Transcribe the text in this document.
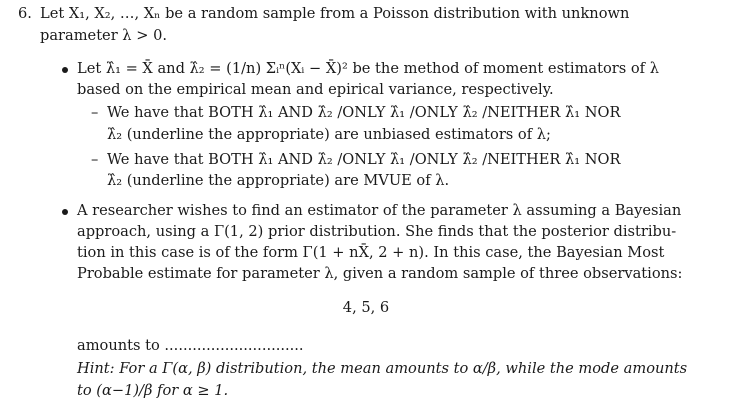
6. Let X₁, X₂, …, Xₙ be a random sample from a Poisson distribution with unknown
parameter λ > 0.
Let λ̂₁ = X̄ and λ̂₂ = (1/n) Σᵢⁿ(Xᵢ − X̄)² be the method of moment estimators of λ
based on the empirical mean and epirical variance, respectively.
– We have that BOTH λ̂₁ AND λ̂₂ /ONLY λ̂₁ /ONLY λ̂₂ /NEITHER λ̂₁ NOR
λ̂₂ (underline the appropriate) are unbiased estimators of λ;
– We have that BOTH λ̂₁ AND λ̂₂ /ONLY λ̂₁ /ONLY λ̂₂ /NEITHER λ̂₁ NOR
λ̂₂ (underline the appropriate) are MVUE of λ.
A researcher wishes to find an estimator of the parameter λ assuming a Bayesian
approach, using a Γ(1, 2) prior distribution. She finds that the posterior distribu-
tion in this case is of the form Γ(1 + nX̄, 2 + n). In this case, the Bayesian Most
Probable estimate for parameter λ, given a random sample of three observations:
4, 5, 6
amounts to ..............................
Hint: For a Γ(α, β) distribution, the mean amounts to α/β, while the mode amounts
to (α−1)/β for α ≥ 1.
